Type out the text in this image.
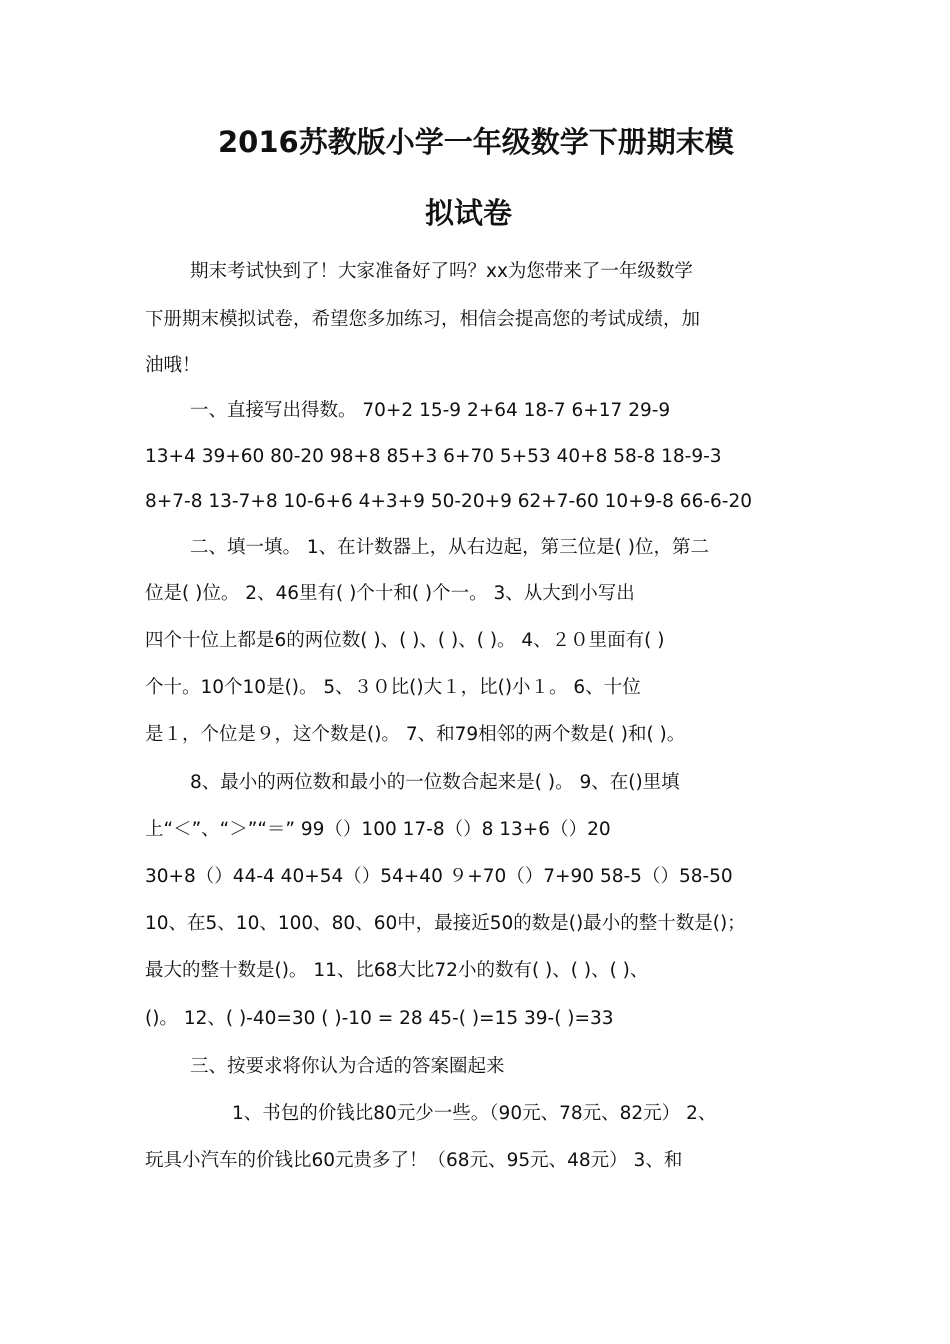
2016苏教版小学一年级数学下册期末模
拟试卷
期末考试快到了！大家准备好了吗？xx为您带来了一年级数学
下册期末模拟试卷，希望您多加练习，相信会提高您的考试成绩，加
油哦！
一、直接写出得数。 70+2 15-9 2+64 18-7 6+17 29-9
13+4 39+60 80-20 98+8 85+3 6+70 5+53 40+8 58-8 18-9-3
8+7-8 13-7+8 10-6+6 4+3+9 50-20+9 62+7-60 10+9-8 66-6-20
二、填一填。 1、在计数器上，从右边起，第三位是( )位，第二
位是( )位。 2、46里有( )个十和( )个一。 3、从大到小写出
四个十位上都是6的两位数( )、( )、( )、( )。 4、２０里面有( )
个十。10个10是()。 5、３０比()大１，比()小１。 6、十位
是１，个位是９，这个数是()。 7、和79相邻的两个数是( )和( )。
8、最小的两位数和最小的一位数合起来是( )。 9、在()里填
上“＜”、“＞”“＝” 99（）100 17-8（）8 13+6（）20
30+8（）44-4 40+54（）54+40 ９+70（）7+90 58-5（）58-50
10、在5、10、100、80、60中，最接近50的数是()最小的整十数是()；
最大的整十数是()。 11、比68大比72小的数有( )、( )、( )、
()。 12、( )-40=30 ( )-10 = 28 45-( )=15 39-( )=33
三、按要求将你认为合适的答案圈起来
1、书包的价钱比80元少一些。（90元、78元、82元） 2、
玩具小汽车的价钱比60元贵多了！（68元、95元、48元） 3、和
